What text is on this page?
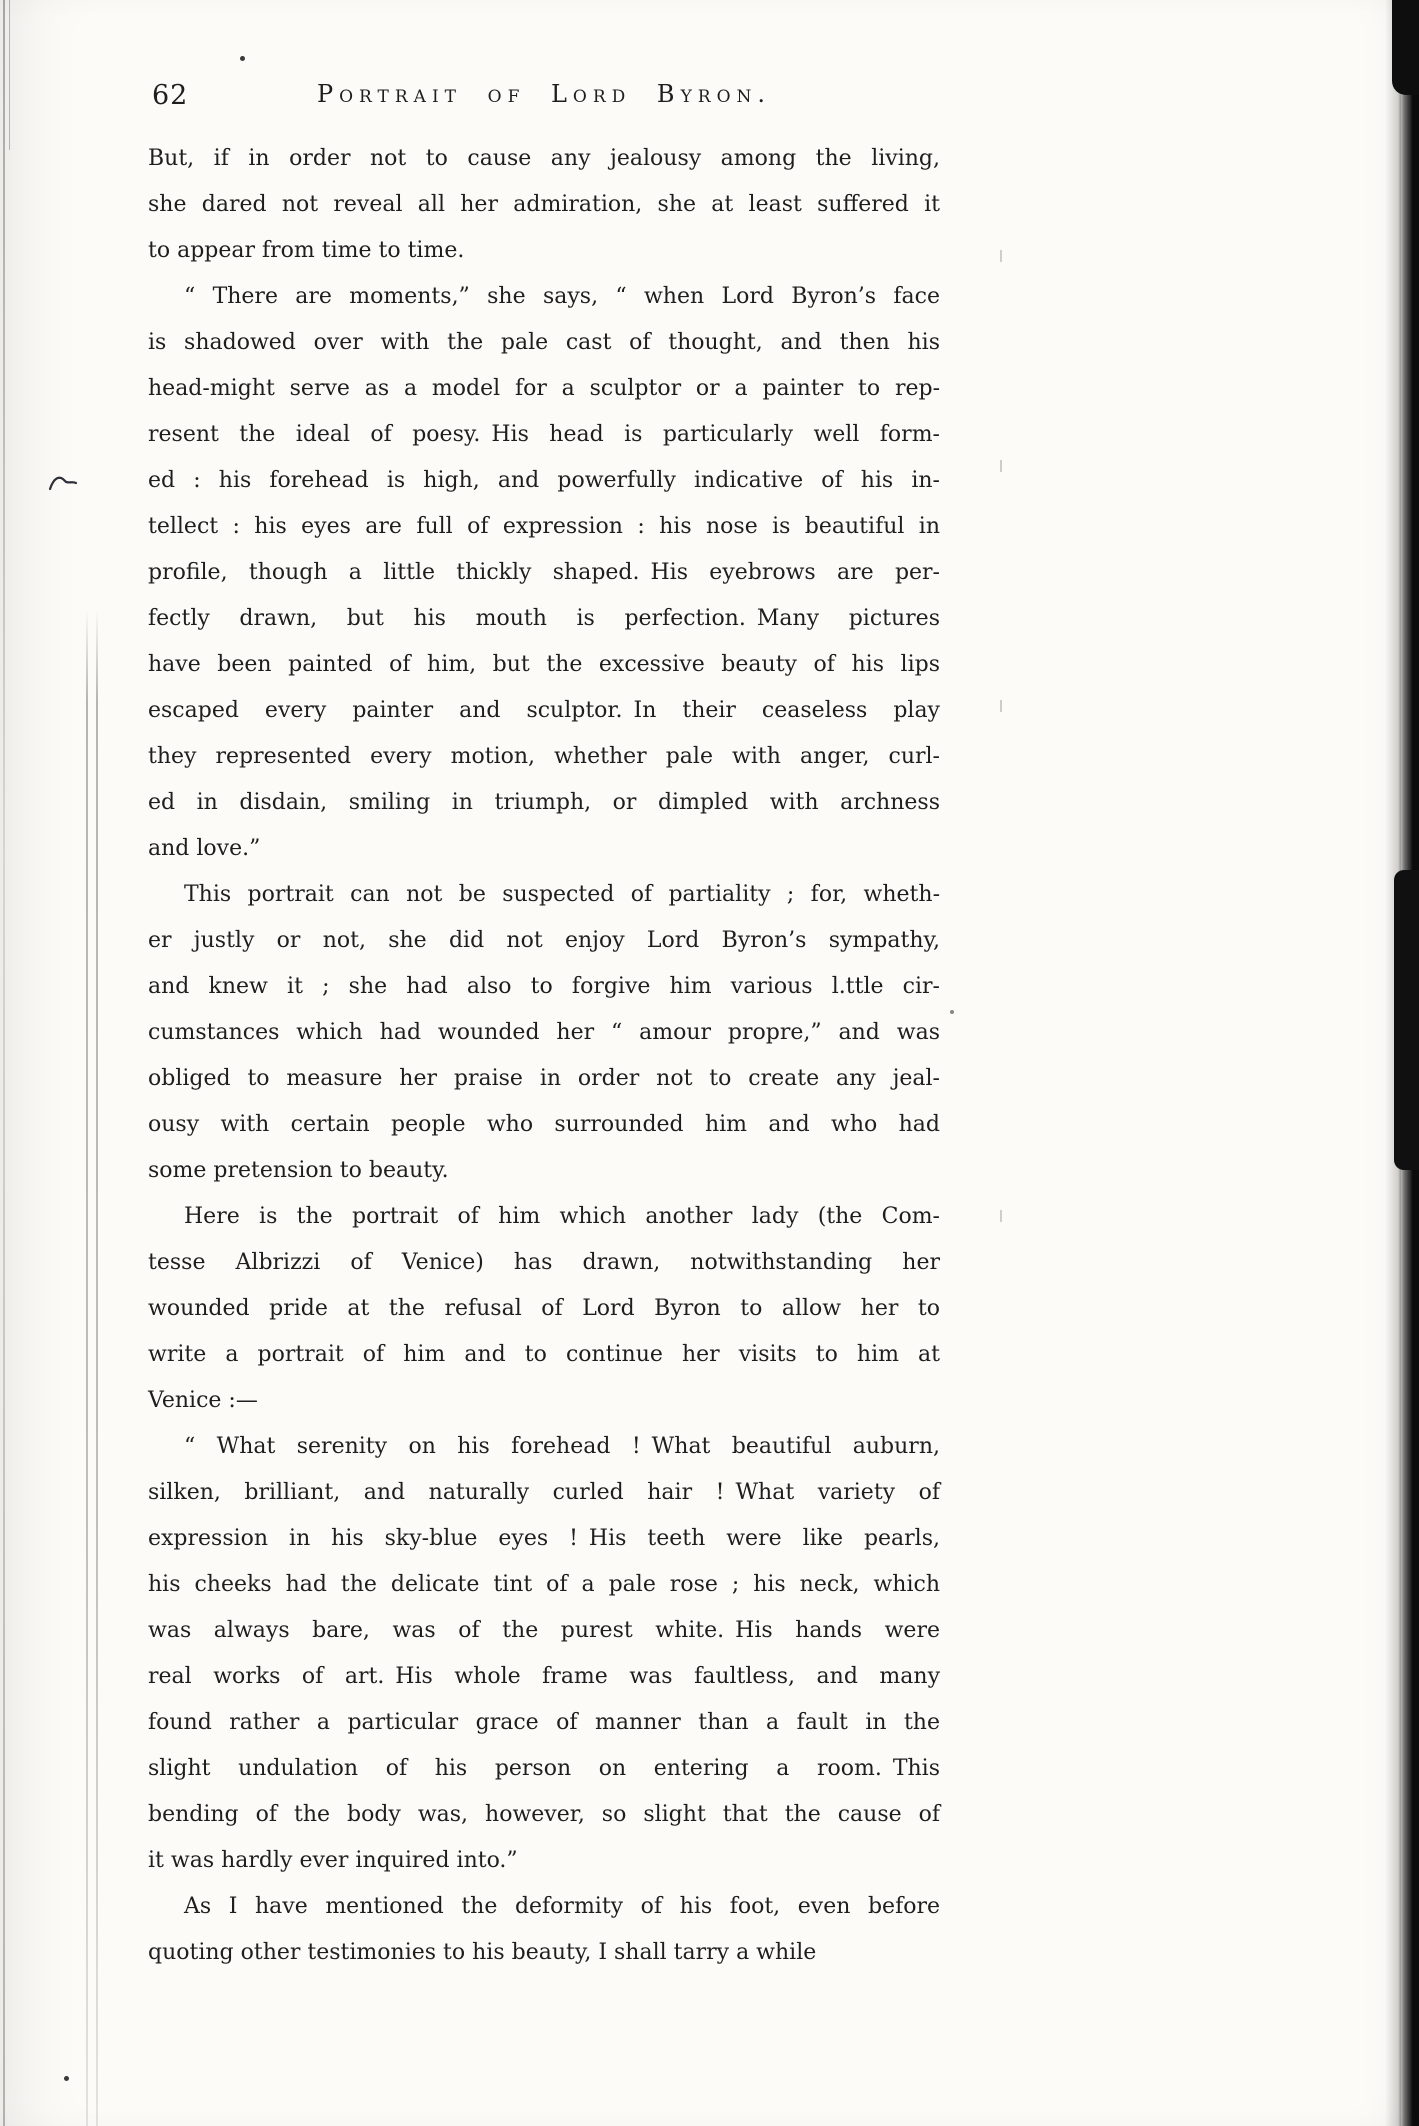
62	Portrait of Lord Byron.
But, if in order not to cause any jealousy among the living,
she dared not reveal all her admiration, she at least suffered it
to appear from time to time.
“ There are moments,” she says, “ when Lord Byron’s face
is shadowed over with the pale cast of thought, and then his
head-might serve as a model for a sculptor or a painter to rep-
resent the ideal of poesy. His head is particularly well form-
ed : his forehead is high, and powerfully indicative of his in-
tellect : his eyes are full of expression : his nose is beautiful in
profile, though a little thickly shaped. His eyebrows are per-
fectly drawn, but his mouth is perfection. Many pictures
have been painted of him, but the excessive beauty of his lips
escaped every painter and sculptor. In their ceaseless play
they represented every motion, whether pale with anger, curl-
ed in disdain, smiling in triumph, or dimpled with archness
and love.”
This portrait can not be suspected of partiality ; for, wheth-
er justly or not, she did not enjoy Lord Byron’s sympathy,
and knew it ; she had also to forgive him various l.ttle cir-
cumstances which had wounded her “ amour propre,” and was
obliged to measure her praise in order not to create any jeal-
ousy with certain people who surrounded him and who had
some pretension to beauty.
Here is the portrait of him which another lady (the Com-
tesse Albrizzi of Venice) has drawn, notwithstanding her
wounded pride at the refusal of Lord Byron to allow her to
write a portrait of him and to continue her visits to him at
Venice :—
“ What serenity on his forehead ! What beautiful auburn,
silken, brilliant, and naturally curled hair ! What variety of
expression in his sky-blue eyes ! His teeth were like pearls,
his cheeks had the delicate tint of a pale rose ; his neck, which
was always bare, was of the purest white. His hands were
real works of art. His whole frame was faultless, and many
found rather a particular grace of manner than a fault in the
slight undulation of his person on entering a room. This
bending of the body was, however, so slight that the cause of
it was hardly ever inquired into.”
As I have mentioned the deformity of his foot, even before
quoting other testimonies to his beauty, I shall tarry a while
